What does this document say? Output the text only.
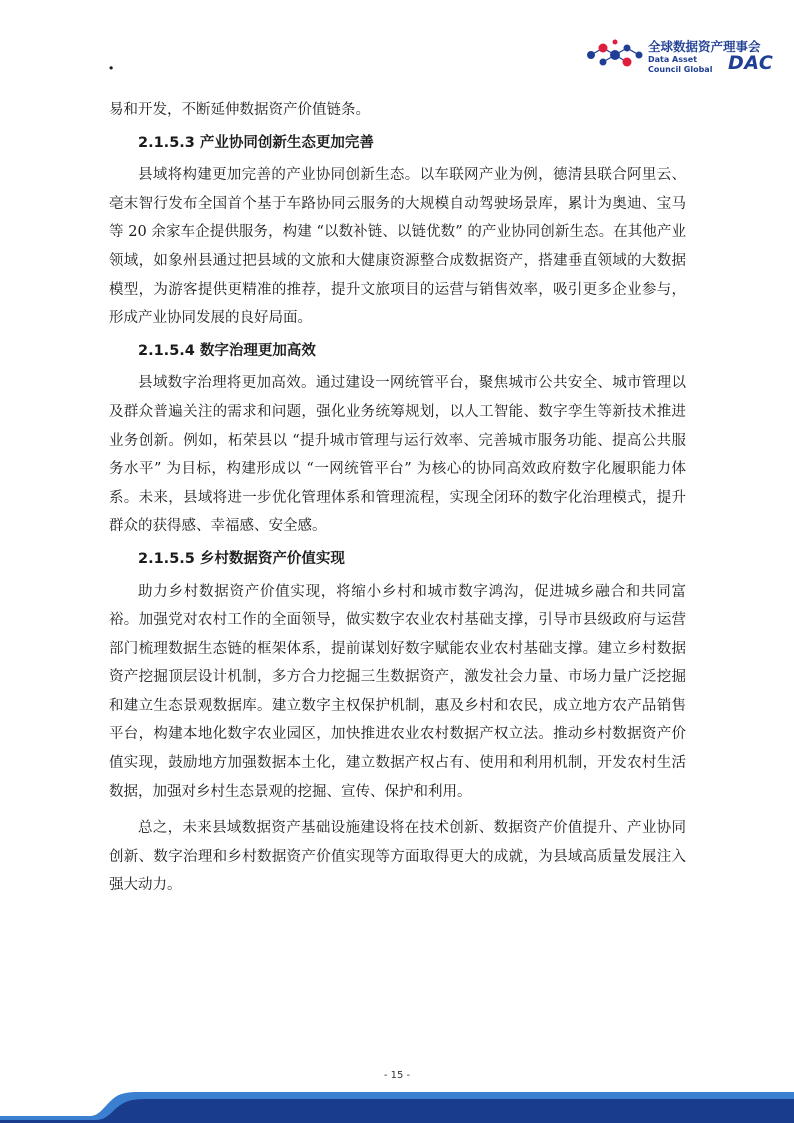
·
全球数据资产理事会
Data Asset
Council Global DAC

易和开发，不断延伸数据资产价值链条。

2.1.5.3 产业协同创新生态更加完善

县域将构建更加完善的产业协同创新生态。以车联网产业为例，德清县联合阿里云、亳末智行发布全国首个基于车路协同云服务的大规模自动驾驶场景库，累计为奥迪、宝马等 20 余家车企提供服务，构建 “以数补链、以链优数” 的产业协同创新生态。在其他产业领域，如象州县通过把县域的文旅和大健康资源整合成数据资产，搭建垂直领域的大数据模型，为游客提供更精准的推荐，提升文旅项目的运营与销售效率，吸引更多企业参与，形成产业协同发展的良好局面。

2.1.5.4 数字治理更加高效

县域数字治理将更加高效。通过建设一网统管平台，聚焦城市公共安全、城市管理以及群众普遍关注的需求和问题，强化业务统筹规划，以人工智能、数字孪生等新技术推进业务创新。例如，柘荣县以 “提升城市管理与运行效率、完善城市服务功能、提高公共服务水平” 为目标，构建形成以 “一网统管平台” 为核心的协同高效政府数字化履职能力体系。未来，县域将进一步优化管理体系和管理流程，实现全闭环的数字化治理模式，提升群众的获得感、幸福感、安全感。

2.1.5.5 乡村数据资产价值实现

助力乡村数据资产价值实现，将缩小乡村和城市数字鸿沟，促进城乡融合和共同富裕。加强党对农村工作的全面领导，做实数字农业农村基础支撑，引导市县级政府与运营部门梳理数据生态链的框架体系，提前谋划好数字赋能农业农村基础支撑。建立乡村数据资产挖掘顶层设计机制，多方合力挖掘三生数据资产，激发社会力量、市场力量广泛挖掘和建立生态景观数据库。建立数字主权保护机制，惠及乡村和农民，成立地方农产品销售平台，构建本地化数字农业园区，加快推进农业农村数据产权立法。推动乡村数据资产价值实现，鼓励地方加强数据本土化，建立数据产权占有、使用和利用机制，开发农村生活数据，加强对乡村生态景观的挖掘、宣传、保护和利用。

总之，未来县域数据资产基础设施建设将在技术创新、数据资产价值提升、产业协同创新、数字治理和乡村数据资产价值实现等方面取得更大的成就，为县域高质量发展注入强大动力。

- 15 -
